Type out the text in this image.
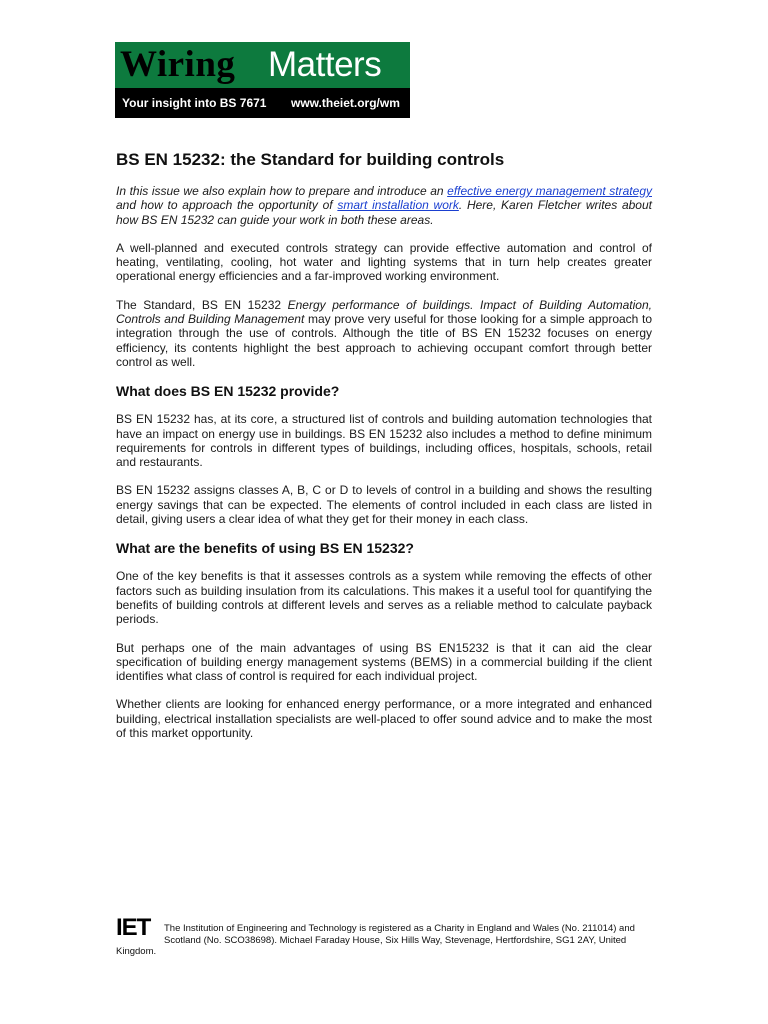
Wiring Matters
Your insight into BS 7671 www.theiet.org/wm
BS EN 15232: the Standard for building controls

In this issue we also explain how to prepare and introduce an effective energy management strategy and how to approach the opportunity of smart installation work. Here, Karen Fletcher writes about how BS EN 15232 can guide your work in both these areas.

A well-planned and executed controls strategy can provide effective automation and control of heating, ventilating, cooling, hot water and lighting systems that in turn help creates greater operational energy efficiencies and a far-improved working environment.

The Standard, BS EN 15232 Energy performance of buildings. Impact of Building Automation, Controls and Building Management may prove very useful for those looking for a simple approach to integration through the use of controls. Although the title of BS EN 15232 focuses on energy efficiency, its contents highlight the best approach to achieving occupant comfort through better control as well.

What does BS EN 15232 provide?

BS EN 15232 has, at its core, a structured list of controls and building automation technologies that have an impact on energy use in buildings. BS EN 15232 also includes a method to define minimum requirements for controls in different types of buildings, including offices, hospitals, schools, retail and restaurants.

BS EN 15232 assigns classes A, B, C or D to levels of control in a building and shows the resulting energy savings that can be expected. The elements of control included in each class are listed in detail, giving users a clear idea of what they get for their money in each class.

What are the benefits of using BS EN 15232?

One of the key benefits is that it assesses controls as a system while removing the effects of other factors such as building insulation from its calculations. This makes it a useful tool for quantifying the benefits of building controls at different levels and serves as a reliable method to calculate payback periods.

But perhaps one of the main advantages of using BS EN15232 is that it can aid the clear specification of building energy management systems (BEMS) in a commercial building if the client identifies what class of control is required for each individual project.

Whether clients are looking for enhanced energy performance, or a more integrated and enhanced building, electrical installation specialists are well-placed to offer sound advice and to make the most of this market opportunity.

IET	The Institution of Engineering and Technology is registered as a Charity in England and Wales (No. 211014) and Scotland (No. SCO38698). Michael Faraday House, Six Hills Way, Stevenage, Hertfordshire, SG1 2AY, United Kingdom.
